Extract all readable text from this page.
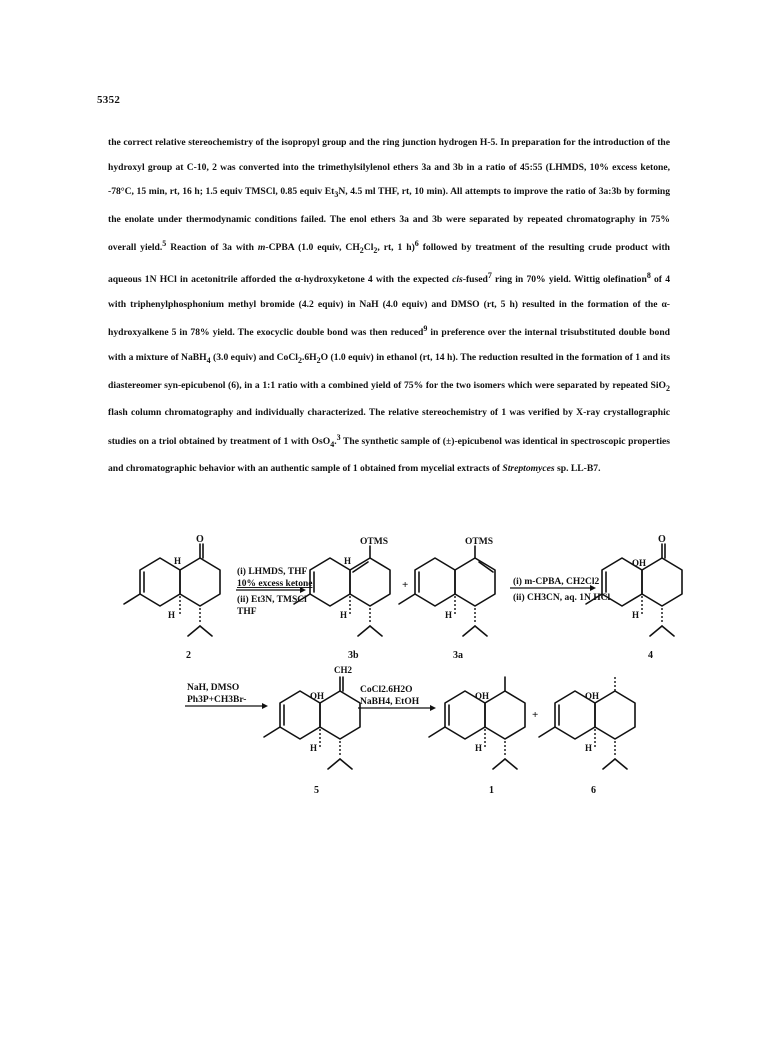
5352

the correct relative stereochemistry of the isopropyl group and the ring junction hydrogen H-5. In preparation for the introduction of the hydroxyl group at C-10, 2 was converted into the trimethylsilylenol ethers 3a and 3b in a ratio of 45:55 (LHMDS, 10% excess ketone, -78°C, 15 min, rt, 16 h; 1.5 equiv TMSCl, 0.85 equiv $Et_3N$, 4.5 ml THF, rt, 10 min). All attempts to improve the ratio of 3a:3b by forming the enolate under thermodynamic conditions failed. The enol ethers 3a and 3b were separated by repeated chromatography in 75% overall yield.$^5$ Reaction of 3a with m-CPBA (1.0 equiv, $CH_2Cl_2$, rt, 1 h)$^6$ followed by treatment of the resulting crude product with aqueous 1N HCl in acetonitrile afforded the α-hydroxyketone 4 with the expected cis-fused$^7$ ring in 70% yield. Wittig olefination$^8$ of 4 with triphenylphosphonium methyl bromide (4.2 equiv) in NaH (4.0 equiv) and DMSO (rt, 5 h) resulted in the formation of the α-hydroxyalkene 5 in 78% yield. The exocyclic double bond was then reduced$^9$ in preference over the internal trisubstituted double bond with a mixture of NaBH$_4$ (3.0 equiv) and $CoCl_2.6H_2O$ (1.0 equiv) in ethanol (rt, 14 h). The reduction resulted in the formation of 1 and its diastereomer syn-epicubenol (6), in a 1:1 ratio with a combined yield of 75% for the two isomers which were separated by repeated SiO$_2$ flash column chromatography and individually characterized. The relative stereochemistry of 1 was verified by X-ray crystallographic studies on a triol obtained by treatment of 1 with OsO$_4$.$^3$ The synthetic sample of (±)-epicubenol was identical in spectroscopic properties and chromatographic behavior with an authentic sample of 1 obtained from mycelial extracts of Streptomyces sp. LL-B7.

O
H
H
2
(i) LHMDS, THF
10% excess ketone
(ii) Et3N, TMSCl
THF
OTMS
H
H
3b
+
OTMS
H
3a
(i) m-CPBA, CH2Cl2
(ii) CH3CN, aq. 1N HCl
O
OH
H
4
NaH, DMSO
Ph3P+CH3Br-
CH2
OH
H
5
CoCl2.6H2O
NaBH4, EtOH
OH
H
1
+
OH
H
6
